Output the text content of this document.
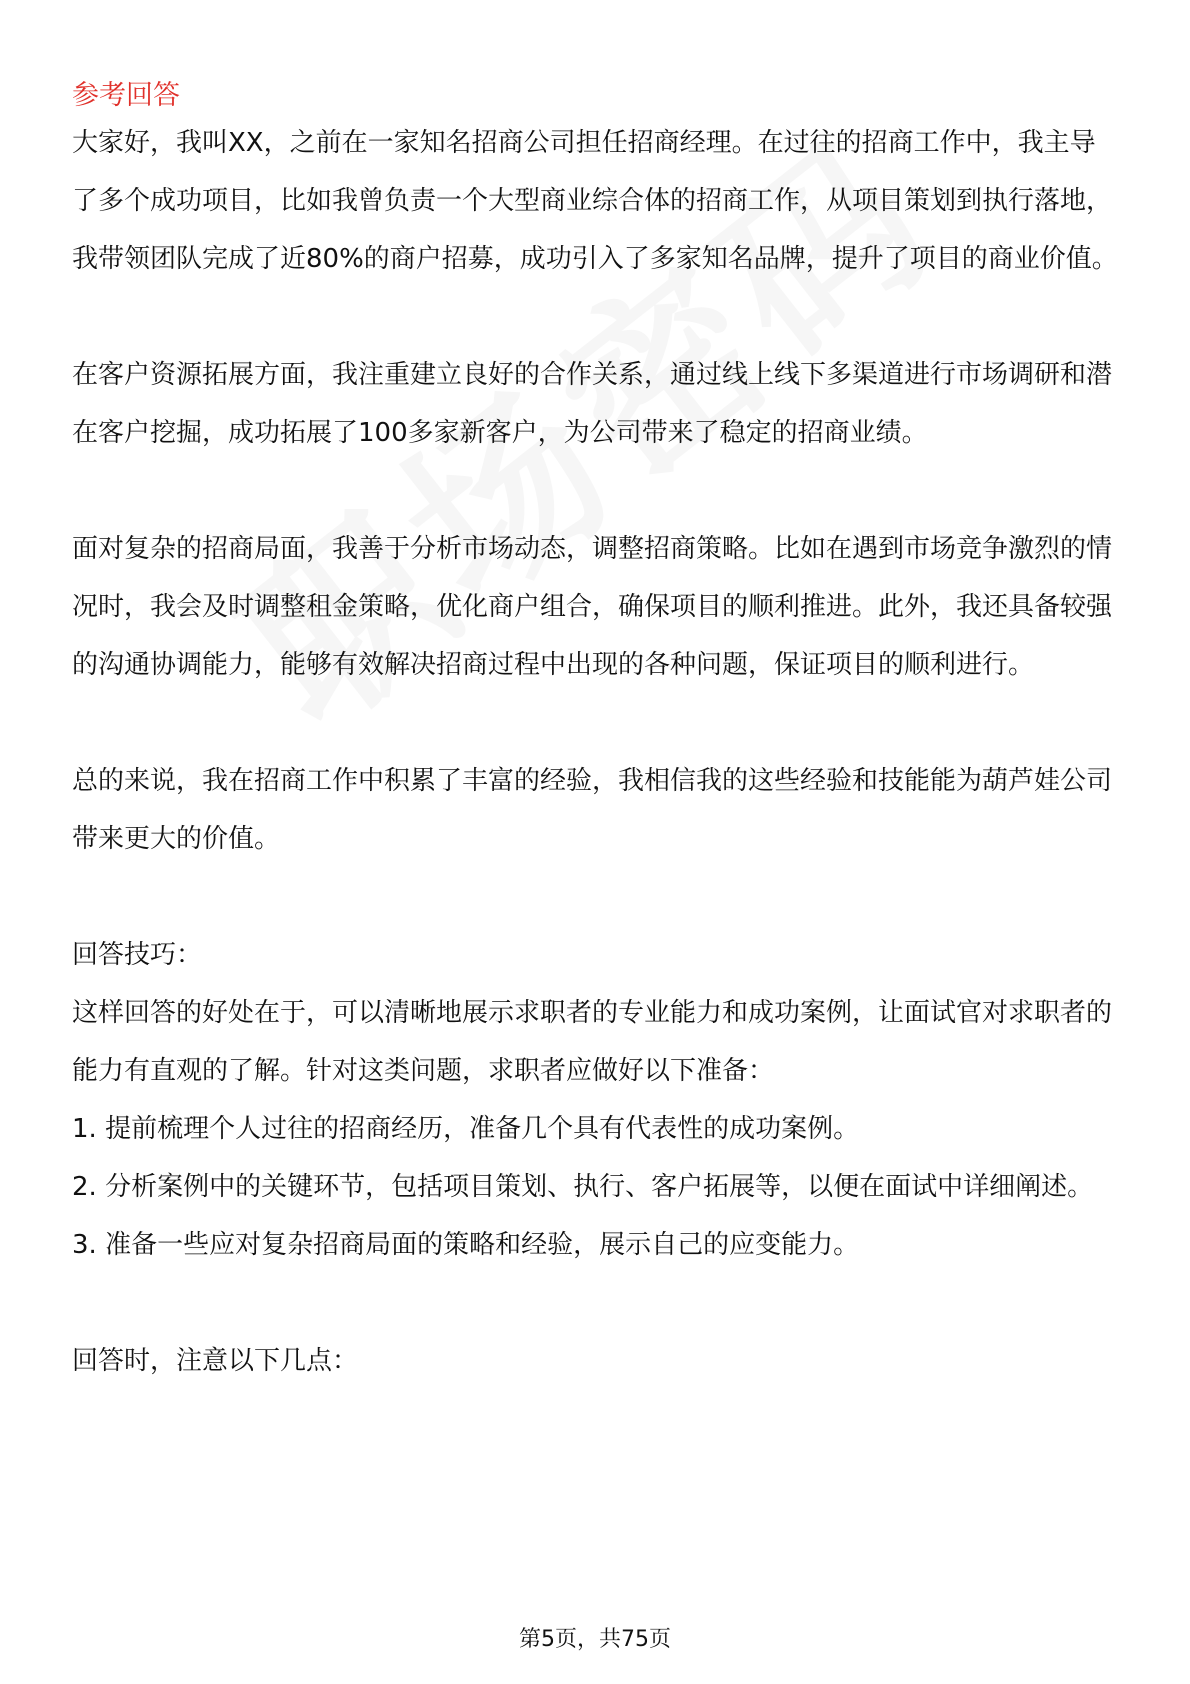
参考回答

大家好，我叫XX，之前在一家知名招商公司担任招商经理。在过往的招商工作中，我主导了多个成功项目，比如我曾负责一个大型商业综合体的招商工作，从项目策划到执行落地，我带领团队完成了近80%的商户招募，成功引入了多家知名品牌，提升了项目的商业价值。

在客户资源拓展方面，我注重建立良好的合作关系，通过线上线下多渠道进行市场调研和潜在客户挖掘，成功拓展了100多家新客户，为公司带来了稳定的招商业绩。

面对复杂的招商局面，我善于分析市场动态，调整招商策略。比如在遇到市场竞争激烈的情况时，我会及时调整租金策略，优化商户组合，确保项目的顺利推进。此外，我还具备较强的沟通协调能力，能够有效解决招商过程中出现的各种问题，保证项目的顺利进行。

总的来说，我在招商工作中积累了丰富的经验，我相信我的这些经验和技能能为葫芦娃公司带来更大的价值。

回答技巧：

这样回答的好处在于，可以清晰地展示求职者的专业能力和成功案例，让面试官对求职者的能力有直观的了解。针对这类问题，求职者应做好以下准备：

1. 提前梳理个人过往的招商经历，准备几个具有代表性的成功案例。

2. 分析案例中的关键环节，包括项目策划、执行、客户拓展等，以便在面试中详细阐述。

3. 准备一些应对复杂招商局面的策略和经验，展示自己的应变能力。

回答时，注意以下几点：

第5页，共75页
